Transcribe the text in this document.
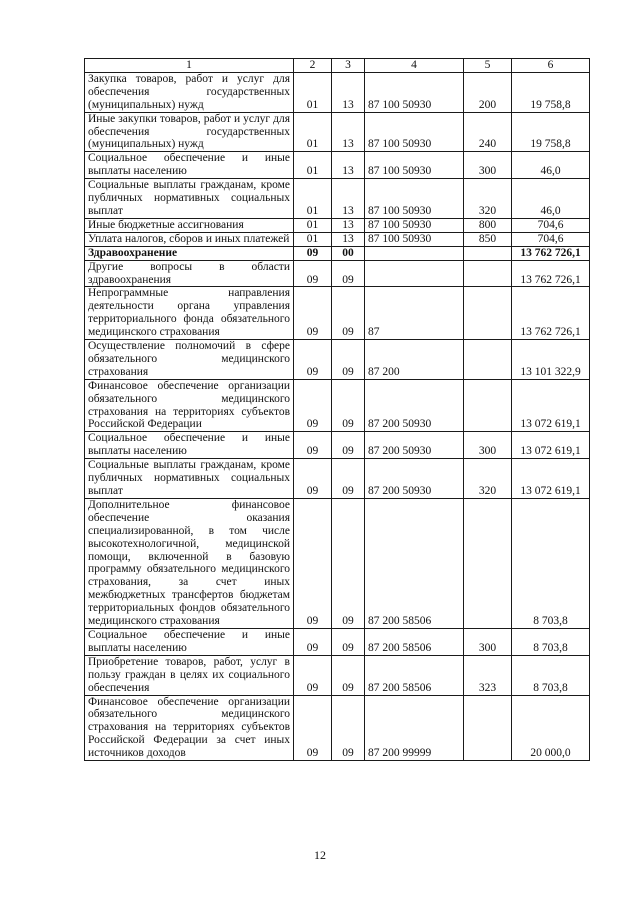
1	2	3	4	5	6
Закупка товаров, работ и услуг для обеспечения государственных (муниципальных) нужд	01	13	87 100 50930	200	19 758,8
Иные закупки товаров, работ и услуг для обеспечения государственных (муниципальных) нужд	01	13	87 100 50930	240	19 758,8
Социальное обеспечение и иные выплаты населению	01	13	87 100 50930	300	46,0
Социальные выплаты гражданам, кроме публичных нормативных социальных выплат	01	13	87 100 50930	320	46,0
Иные бюджетные ассигнования	01	13	87 100 50930	800	704,6
Уплата налогов, сборов и иных платежей	01	13	87 100 50930	850	704,6
Здравоохранение	09	00			13 762 726,1
Другие вопросы в области здравоохранения	09	09			13 762 726,1
Непрограммные направления деятельности органа управления территориального фонда обязательного медицинского страхования	09	09	87		13 762 726,1
Осуществление полномочий в сфере обязательного медицинского страхования	09	09	87 200		13 101 322,9
Финансовое обеспечение организации обязательного медицинского страхования на территориях субъектов Российской Федерации	09	09	87 200 50930		13 072 619,1
Социальное обеспечение и иные выплаты населению	09	09	87 200 50930	300	13 072 619,1
Социальные выплаты гражданам, кроме публичных нормативных социальных выплат	09	09	87 200 50930	320	13 072 619,1
Дополнительное финансовое обеспечение оказания специализированной, в том числе высокотехнологичной, медицинской помощи, включенной в базовую программу обязательного медицинского страхования, за счет иных межбюджетных трансфертов бюджетам территориальных фондов обязательного медицинского страхования	09	09	87 200 58506		8 703,8
Социальное обеспечение и иные выплаты населению	09	09	87 200 58506	300	8 703,8
Приобретение товаров, работ, услуг в пользу граждан в целях их социального обеспечения	09	09	87 200 58506	323	8 703,8
Финансовое обеспечение организации обязательного медицинского страхования на территориях субъектов Российской Федерации за счет иных источников доходов	09	09	87 200 99999		20 000,0
12
